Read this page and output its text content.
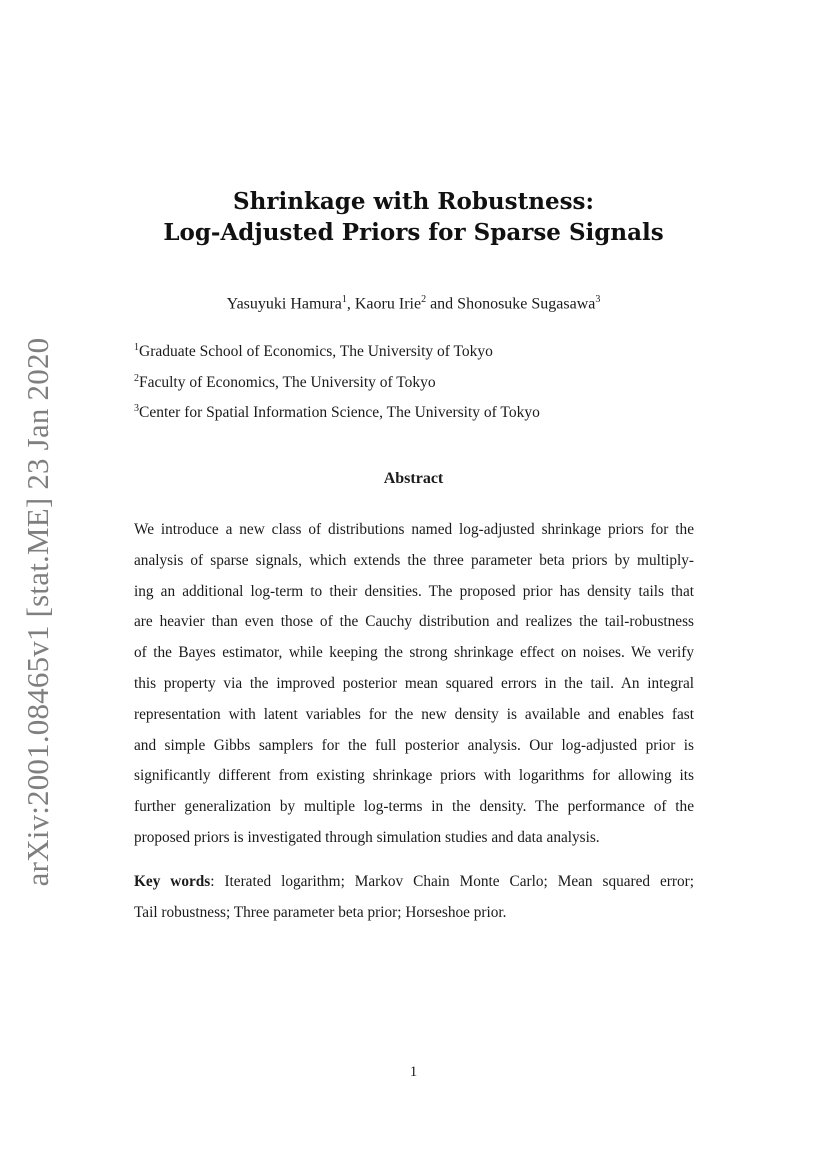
arXiv:2001.08465v1 [stat.ME] 23 Jan 2020
Shrinkage with Robustness:
Log-Adjusted Priors for Sparse Signals
Yasuyuki Hamura$^1$, Kaoru Irie$^2$ and Shonosuke Sugasawa$^3$
$^1$Graduate School of Economics, The University of Tokyo
$^2$Faculty of Economics, The University of Tokyo
$^3$Center for Spatial Information Science, The University of Tokyo
Abstract
We introduce a new class of distributions named log-adjusted shrinkage priors for the
analysis of sparse signals, which extends the three parameter beta priors by multiply-
ing an additional log-term to their densities. The proposed prior has density tails that
are heavier than even those of the Cauchy distribution and realizes the tail-robustness
of the Bayes estimator, while keeping the strong shrinkage effect on noises. We verify
this property via the improved posterior mean squared errors in the tail. An integral
representation with latent variables for the new density is available and enables fast
and simple Gibbs samplers for the full posterior analysis. Our log-adjusted prior is
significantly different from existing shrinkage priors with logarithms for allowing its
further generalization by multiple log-terms in the density. The performance of the
proposed priors is investigated through simulation studies and data analysis.
Key words: Iterated logarithm; Markov Chain Monte Carlo; Mean squared error;
Tail robustness; Three parameter beta prior; Horseshoe prior.
1
